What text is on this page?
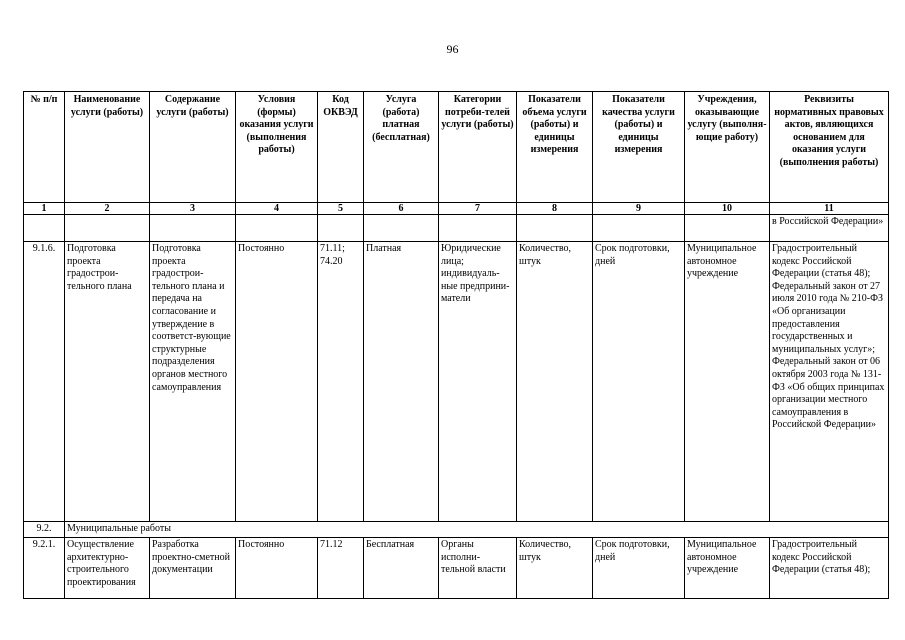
96
№ п/п	Наименование услуги (работы)	Содержание услуги (работы)	Условия (формы) оказания услуги (выполнения работы)	Код ОКВЭД	Услуга (работа) платная (бесплатная)	Категории потреби-телей услуги (работы)	Показатели объема услуги (работы) и единицы измерения	Показатели качества услуги (работы) и единицы измерения	Учреждения, оказывающие услугу (выполня-ющие работу)	Реквизиты нормативных правовых актов, являющихся основанием для оказания услуги (выполнения работы)
1	2	3	4	5	6	7	8	9	10	11
										в Российской Федерации»
9.1.6.	Подготовка проекта градострои-тельного плана	Подготовка проекта градострои-тельного плана и передача на согласование и утверждение в соответст-вующие структурные подразделения органов местного самоуправления	Постоянно	71.11; 74.20	Платная	Юридические лица; индивидуаль-ные предприни-матели	Количество, штук	Срок подготовки, дней	Муниципальное автономное учреждение	Градостроительный кодекс Российской Федерации (статья 48); Федеральный закон от 27 июля 2010 года № 210-ФЗ «Об организации предоставления государственных и муниципальных услуг»; Федеральный закон от 06 октября 2003 года № 131-ФЗ «Об общих принципах организации местного самоуправления в Российской Федерации»
9.2.	Муниципальные работы									
9.2.1.	Осуществление архитектурно-строительного проектирования	Разработка проектно-сметной документации	Постоянно	71.12	Бесплатная	Органы исполни-тельной власти	Количество, штук	Срок подготовки, дней	Муниципальное автономное учреждение	Градостроительный кодекс Российской Федерации (статья 48);
